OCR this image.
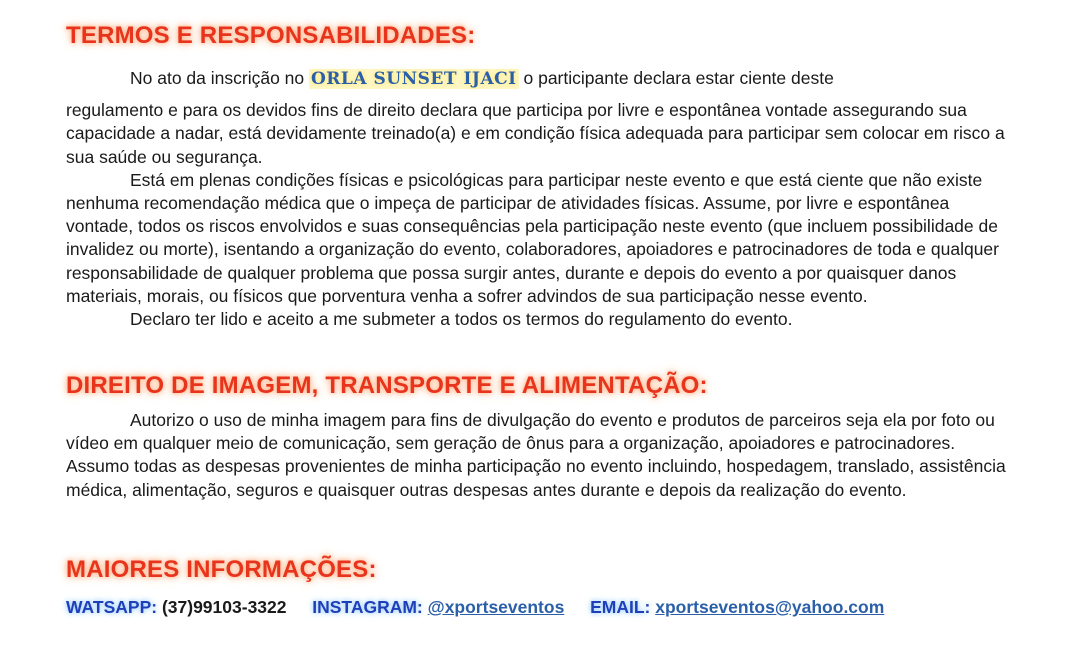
TERMOS E RESPONSABILIDADES:

No ato da inscrição no ORLA SUNSET IJACI o participante declara estar ciente deste

regulamento e para os devidos fins de direito declara que participa por livre e espontânea vontade assegurando sua capacidade a nadar, está devidamente treinado(a) e em condição física adequada para participar sem colocar em risco a sua saúde ou segurança.

Está em plenas condições físicas e psicológicas para participar neste evento e que está ciente que não existe nenhuma recomendação médica que o impeça de participar de atividades físicas. Assume, por livre e espontânea vontade, todos os riscos envolvidos e suas consequências pela participação neste evento (que incluem possibilidade de invalidez ou morte), isentando a organização do evento, colaboradores, apoiadores e patrocinadores de toda e qualquer responsabilidade de qualquer problema que possa surgir antes, durante e depois do evento a por quaisquer danos materiais, morais, ou físicos que porventura venha a sofrer advindos de sua participação nesse evento.

Declaro ter lido e aceito a me submeter a todos os termos do regulamento do evento.

DIREITO DE IMAGEM, TRANSPORTE E ALIMENTAÇÃO:

Autorizo o uso de minha imagem para fins de divulgação do evento e produtos de parceiros seja ela por foto ou vídeo em qualquer meio de comunicação, sem geração de ônus para a organização, apoiadores e patrocinadores. Assumo todas as despesas provenientes de minha participação no evento incluindo, hospedagem, translado, assistência médica, alimentação, seguros e quaisquer outras despesas antes durante e depois da realização do evento.

MAIORES INFORMAÇÕES:
WATSAPP: (37)99103-3322 INSTAGRAM: @xportseventos EMAIL: xportseventos@yahoo.com
